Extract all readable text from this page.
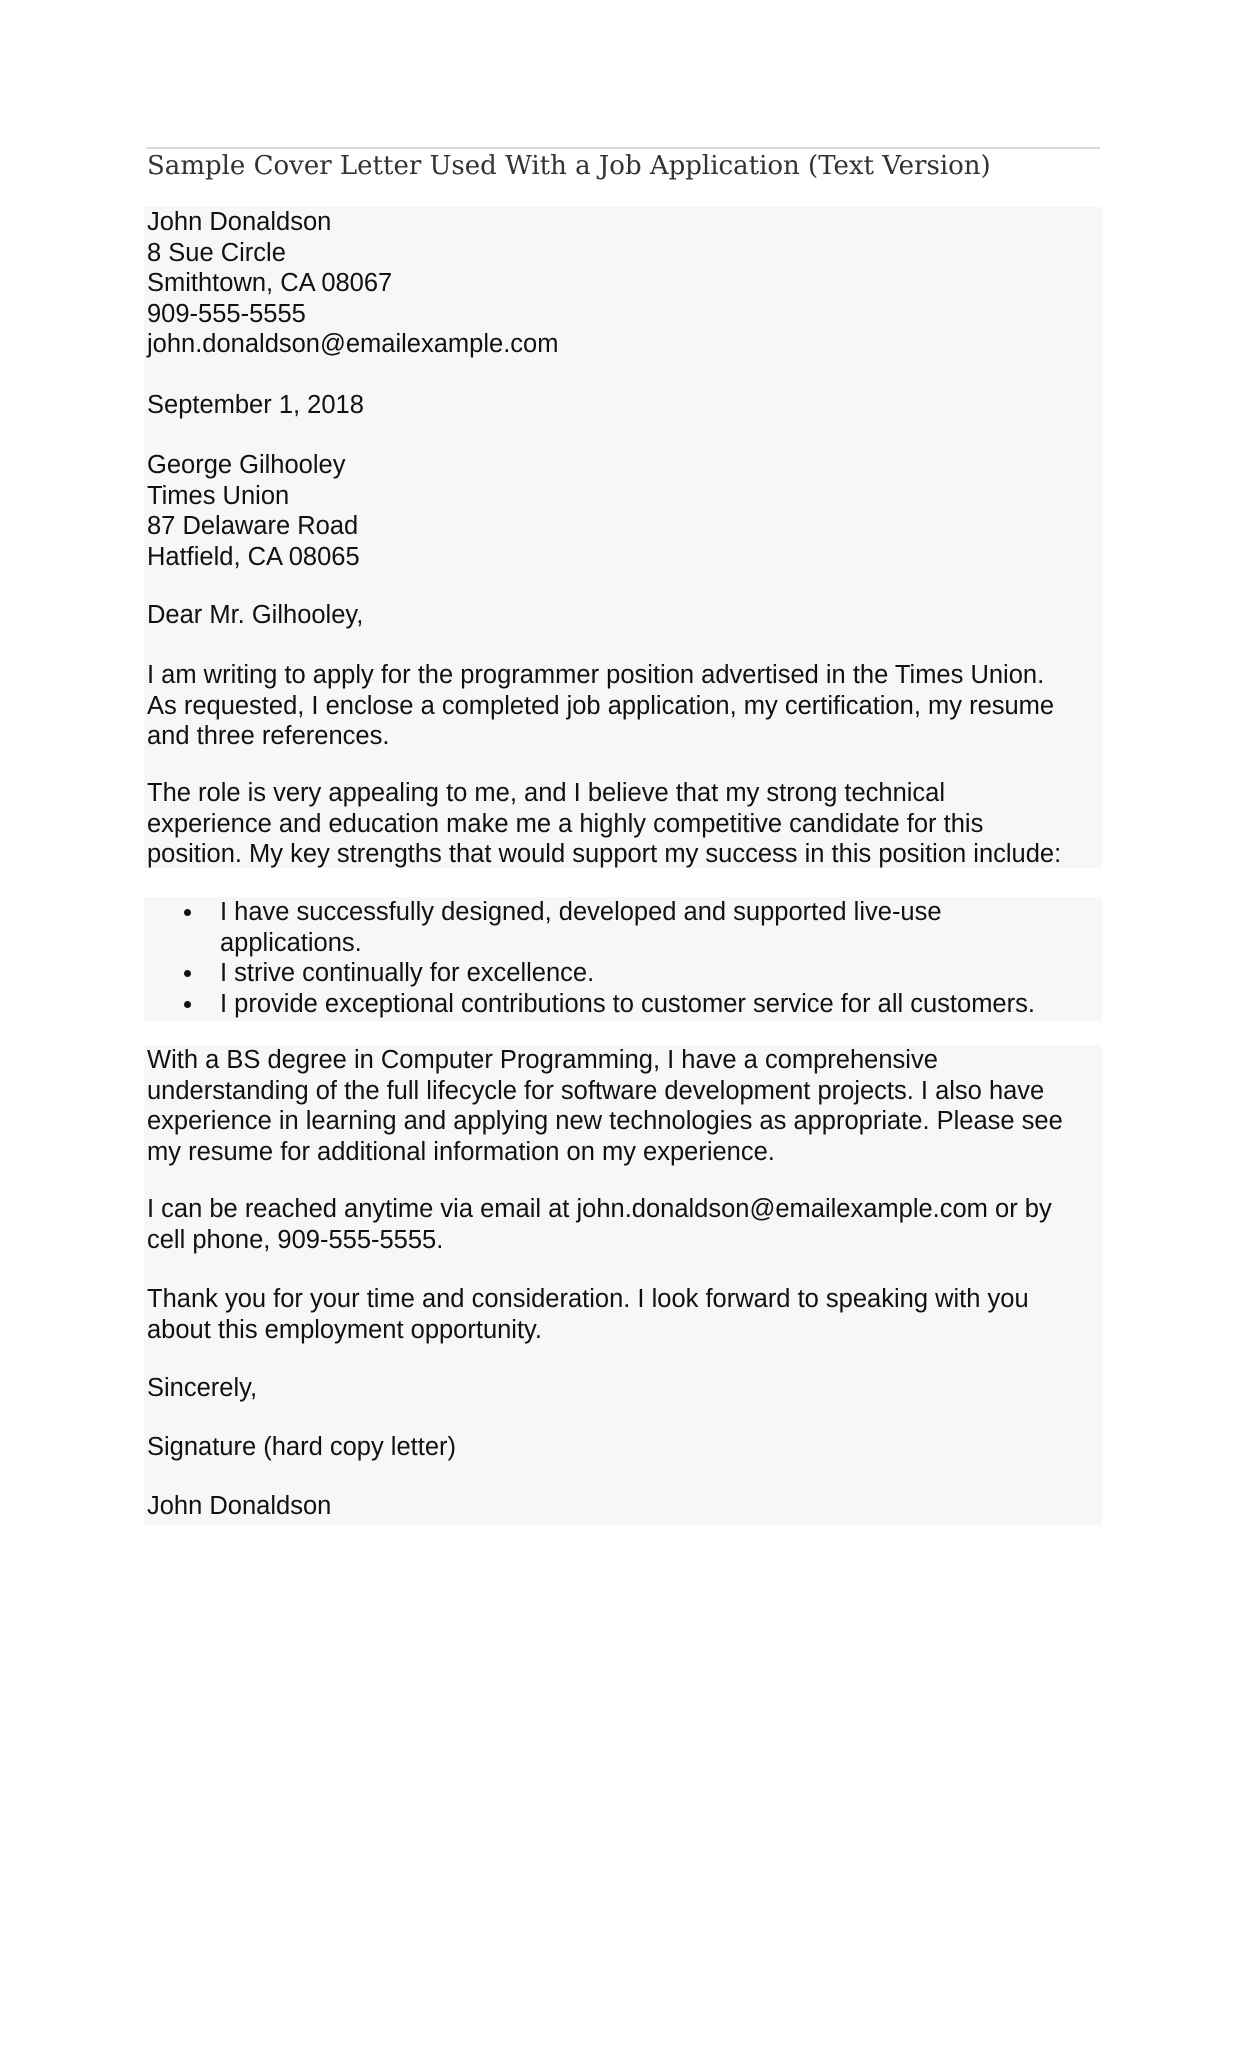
Sample Cover Letter Used With a Job Application (Text Version)
John Donaldson
8 Sue Circle
Smithtown, CA 08067
909-555-5555
john.donaldson@emailexample.com
September 1, 2018
George Gilhooley
Times Union
87 Delaware Road
Hatfield, CA 08065
Dear Mr. Gilhooley,
I am writing to apply for the programmer position advertised in the Times Union.
As requested, I enclose a completed job application, my certification, my resume
and three references.
The role is very appealing to me, and I believe that my strong technical
experience and education make me a highly competitive candidate for this
position. My key strengths that would support my success in this position include:
I have successfully designed, developed and supported live-use
applications.
I strive continually for excellence.
I provide exceptional contributions to customer service for all customers.
With a BS degree in Computer Programming, I have a comprehensive
understanding of the full lifecycle for software development projects. I also have
experience in learning and applying new technologies as appropriate. Please see
my resume for additional information on my experience.
I can be reached anytime via email at john.donaldson@emailexample.com or by
cell phone, 909-555-5555.
Thank you for your time and consideration. I look forward to speaking with you
about this employment opportunity.
Sincerely,
Signature (hard copy letter)
John Donaldson
